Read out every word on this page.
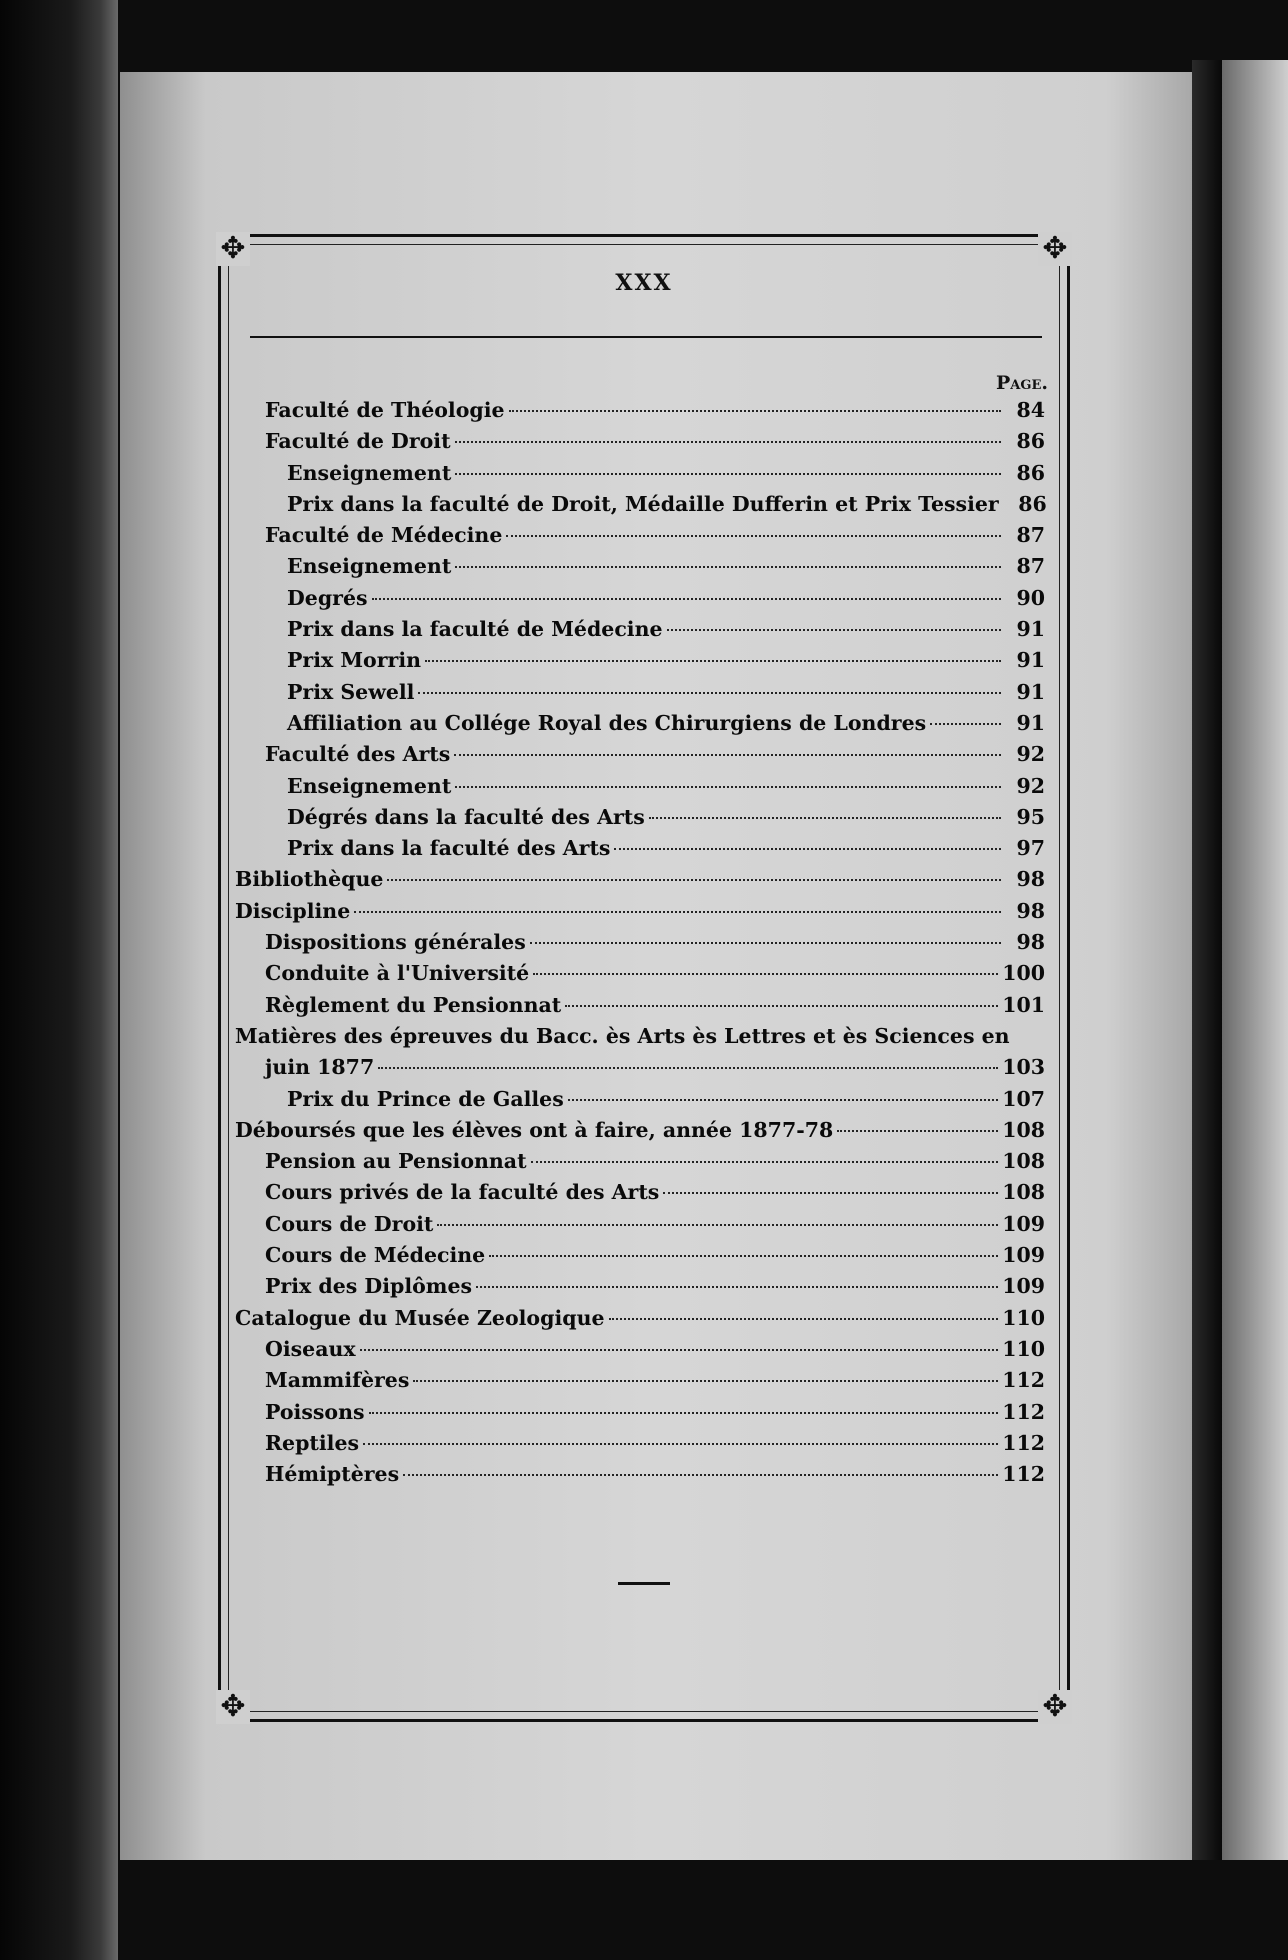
✥	✥
✥	✥
XXX
Page.
Faculté de Théologie	84
Faculté de Droit	86
Enseignement	86
Prix dans la faculté de Droit, Médaille Dufferin et Prix Tessier 86
Faculté de Médecine	87
Enseignement	87
Degrés	90
Prix dans la faculté de Médecine	91
Prix Morrin	91
Prix Sewell	91
Affiliation au Collége Royal des Chirurgiens de Londres	91
Faculté des Arts	92
Enseignement	92
Dégrés dans la faculté des Arts	95
Prix dans la faculté des Arts	97
Bibliothèque	98
Discipline	98
Dispositions générales	98
Conduite à l'Université	100
Règlement du Pensionnat	101
Matières des épreuves du Bacc. ès Arts ès Lettres et ès Sciences en
juin 1877	103
Prix du Prince de Galles	107
Déboursés que les élèves ont à faire, année 1877-78	108
Pension au Pensionnat	108
Cours privés de la faculté des Arts	108
Cours de Droit	109
Cours de Médecine	109
Prix des Diplômes	109
Catalogue du Musée Zeologique	110
Oiseaux	110
Mammifères	112
Poissons	112
Reptiles	112
Hémiptères	112
